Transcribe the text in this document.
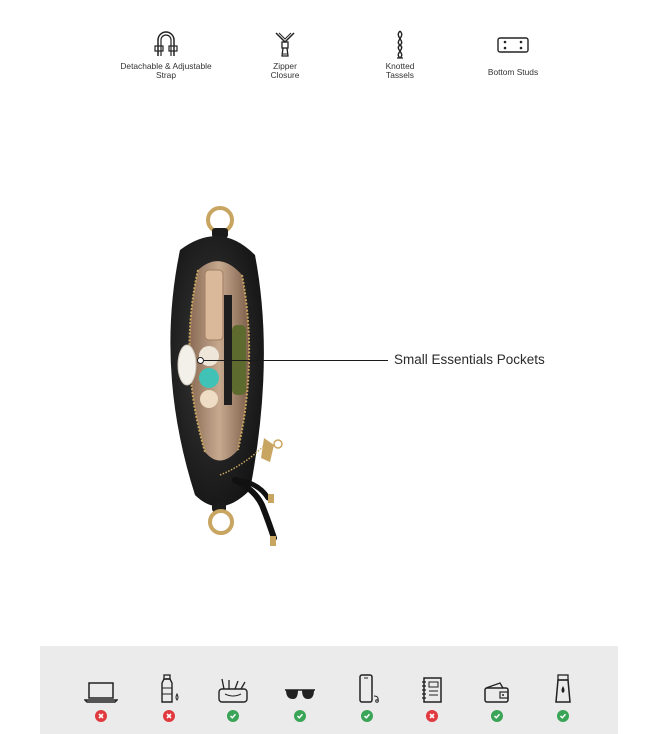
Detachable & Adjustable
Strap
Zipper
Closure
Knotted
Tassels	Bottom Studs
Small Essentials Pockets
